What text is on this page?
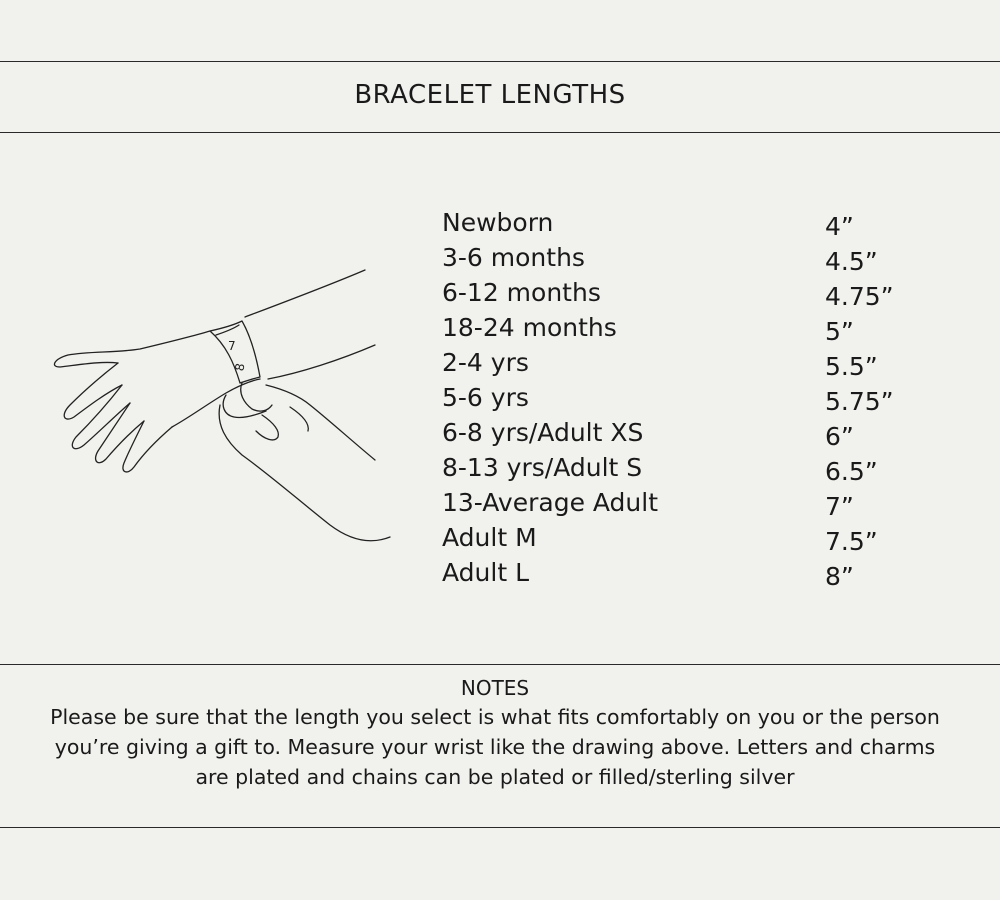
BRACELET LENGTHS
7
8
Newborn	4”
3-6 months	4.5”
6-12 months	4.75”
18-24 months	5”
2-4 yrs	5.5”
5-6 yrs	5.75”
6-8 yrs/Adult XS	6”
8-13 yrs/Adult S	6.5”
13-Average Adult	7”
Adult M	7.5”
Adult L	8”
NOTES
Please be sure that the length you select is what fits comfortably on you or the person you’re giving a gift to. Measure your wrist like the drawing above. Letters and charms are plated and chains can be plated or filled/sterling silver
